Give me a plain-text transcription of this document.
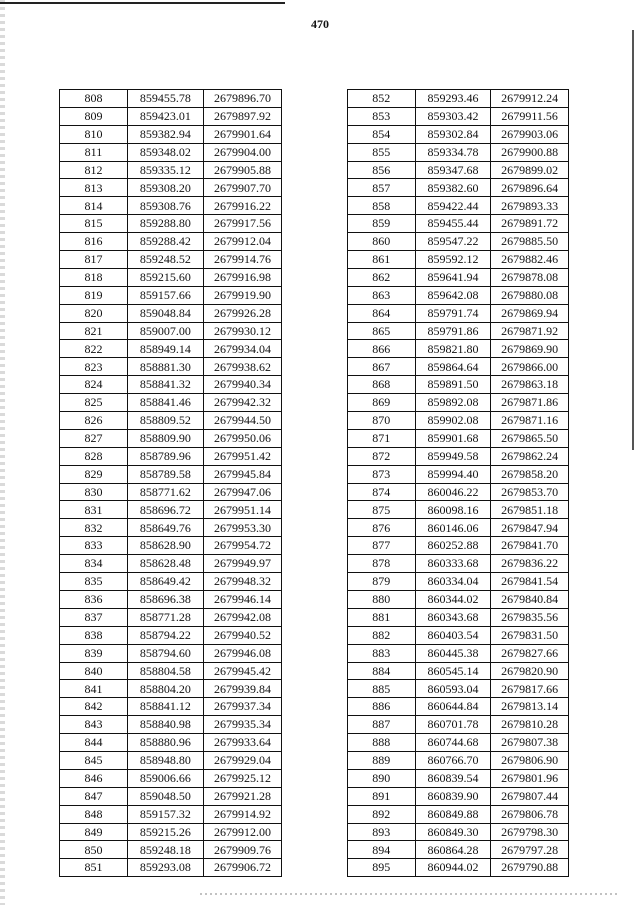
470
808	859455.78	2679896.70
809	859423.01	2679897.92
810	859382.94	2679901.64
811	859348.02	2679904.00
812	859335.12	2679905.88
813	859308.20	2679907.70
814	859308.76	2679916.22
815	859288.80	2679917.56
816	859288.42	2679912.04
817	859248.52	2679914.76
818	859215.60	2679916.98
819	859157.66	2679919.90
820	859048.84	2679926.28
821	859007.00	2679930.12
822	858949.14	2679934.04
823	858881.30	2679938.62
824	858841.32	2679940.34
825	858841.46	2679942.32
826	858809.52	2679944.50
827	858809.90	2679950.06
828	858789.96	2679951.42
829	858789.58	2679945.84
830	858771.62	2679947.06
831	858696.72	2679951.14
832	858649.76	2679953.30
833	858628.90	2679954.72
834	858628.48	2679949.97
835	858649.42	2679948.32
836	858696.38	2679946.14
837	858771.28	2679942.08
838	858794.22	2679940.52
839	858794.60	2679946.08
840	858804.58	2679945.42
841	858804.20	2679939.84
842	858841.12	2679937.34
843	858840.98	2679935.34
844	858880.96	2679933.64
845	858948.80	2679929.04
846	859006.66	2679925.12
847	859048.50	2679921.28
848	859157.32	2679914.92
849	859215.26	2679912.00
850	859248.18	2679909.76
851	859293.08	2679906.72
852	859293.46	2679912.24
853	859303.42	2679911.56
854	859302.84	2679903.06
855	859334.78	2679900.88
856	859347.68	2679899.02
857	859382.60	2679896.64
858	859422.44	2679893.33
859	859455.44	2679891.72
860	859547.22	2679885.50
861	859592.12	2679882.46
862	859641.94	2679878.08
863	859642.08	2679880.08
864	859791.74	2679869.94
865	859791.86	2679871.92
866	859821.80	2679869.90
867	859864.64	2679866.00
868	859891.50	2679863.18
869	859892.08	2679871.86
870	859902.08	2679871.16
871	859901.68	2679865.50
872	859949.58	2679862.24
873	859994.40	2679858.20
874	860046.22	2679853.70
875	860098.16	2679851.18
876	860146.06	2679847.94
877	860252.88	2679841.70
878	860333.68	2679836.22
879	860334.04	2679841.54
880	860344.02	2679840.84
881	860343.68	2679835.56
882	860403.54	2679831.50
883	860445.38	2679827.66
884	860545.14	2679820.90
885	860593.04	2679817.66
886	860644.84	2679813.14
887	860701.78	2679810.28
888	860744.68	2679807.38
889	860766.70	2679806.90
890	860839.54	2679801.96
891	860839.90	2679807.44
892	860849.88	2679806.78
893	860849.30	2679798.30
894	860864.28	2679797.28
895	860944.02	2679790.88
